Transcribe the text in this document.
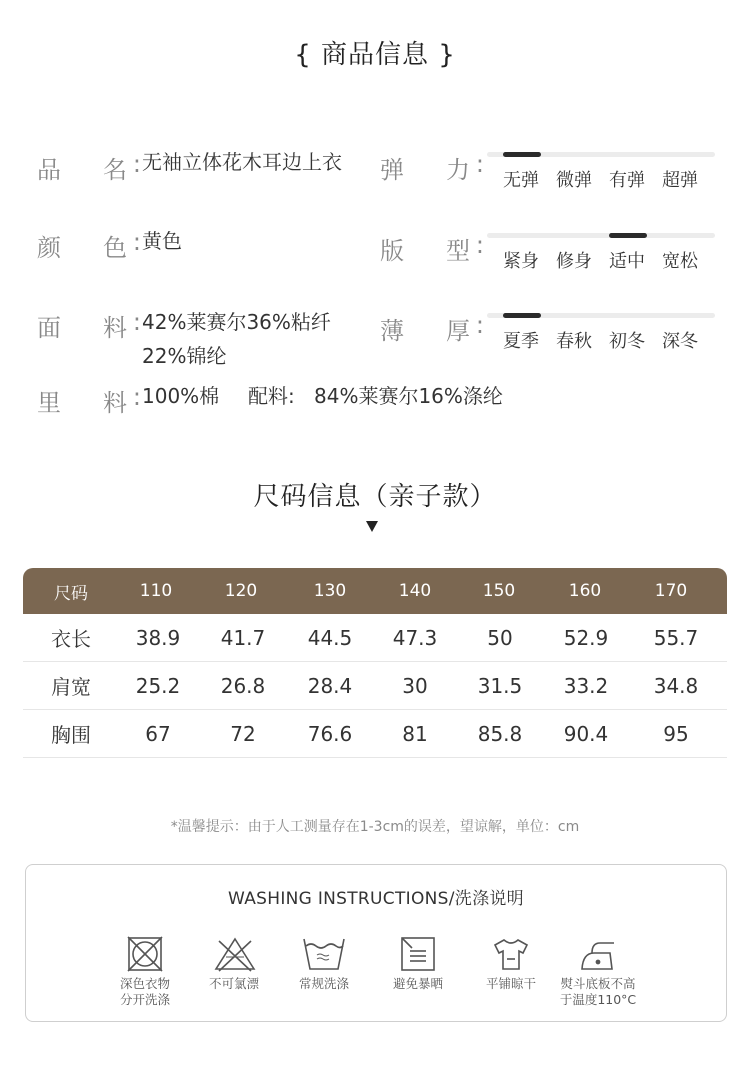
{ 商品信息 }
品 名 : 无袖立体花木耳边上衣
颜 色 : 黄色
面 料 : 42%莱赛尔36%粘纤
22%锦纶
里 料 : 100%棉 配料: 84%莱赛尔16%涤纶
弹 力 :
无弹 微弹 有弹 超弹
版 型 :
紧身 修身 适中 宽松
薄 厚 :
夏季 春秋 初冬 深冬
尺码信息（亲子款）
尺码	110	120	130	140	150	160	170
衣长	38.9	41.7	44.5	47.3	50	52.9	55.7
肩宽	25.2	26.8	28.4	30	31.5	33.2	34.8
胸围	67	72	76.6	81	85.8	90.4	95
*温馨提示：由于人工测量存在1-3cm的误差，望谅解，单位：cm
WASHING INSTRUCTIONS/洗涤说明
深色衣物
分开洗涤
不可氯漂	常规洗涤	避免暴晒	平铺晾干	熨斗底板不高
于温度110°C
